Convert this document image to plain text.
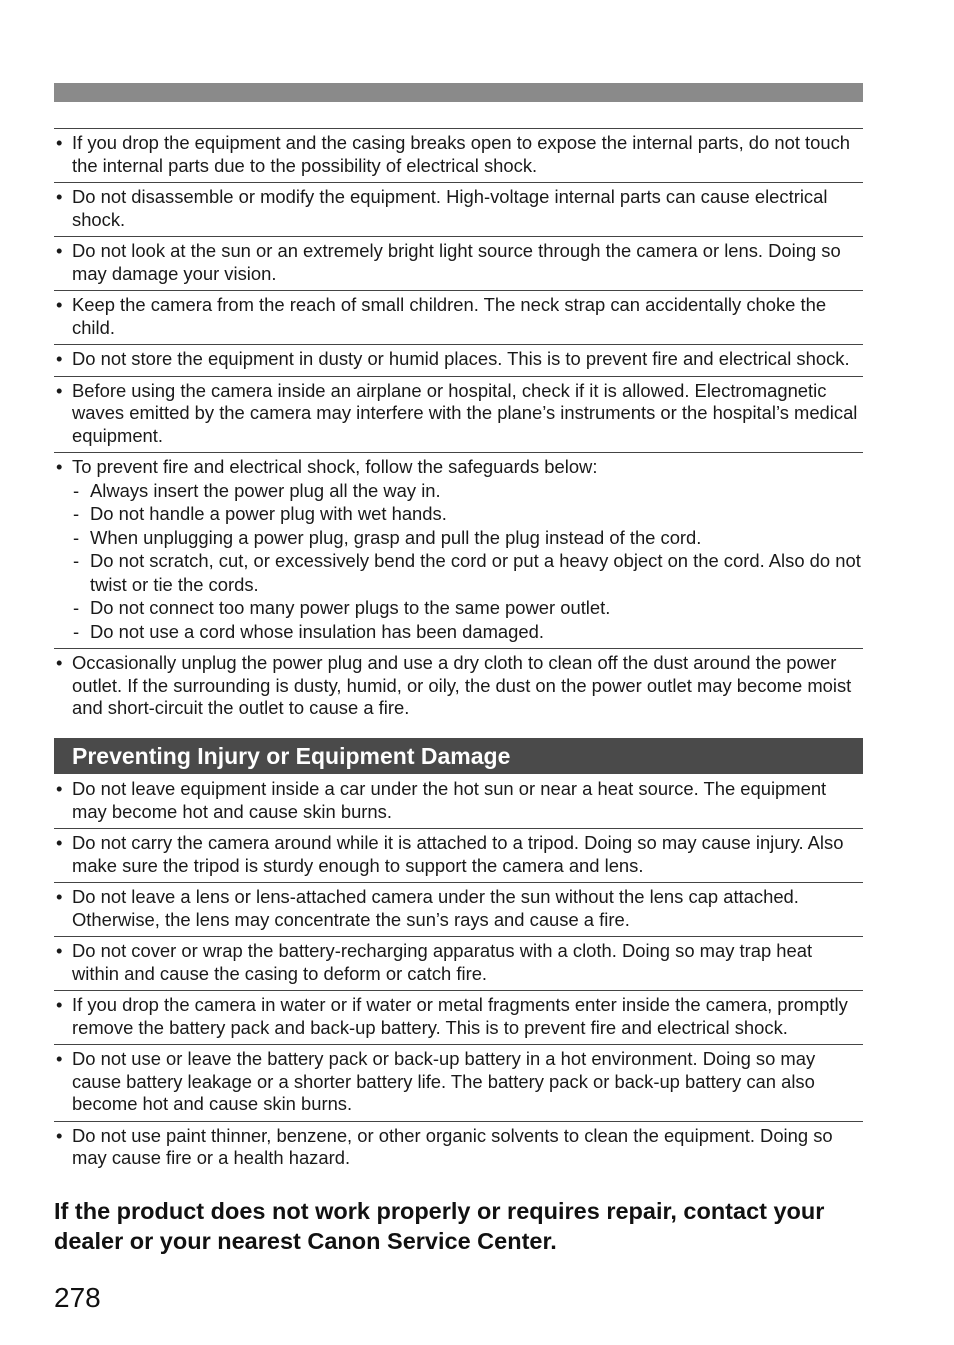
• If you drop the equipment and the casing breaks open to expose the internal parts, do not touch the internal parts due to the possibility of electrical shock.
• Do not disassemble or modify the equipment. High-voltage internal parts can cause electrical shock.
• Do not look at the sun or an extremely bright light source through the camera or lens. Doing so may damage your vision.
• Keep the camera from the reach of small children. The neck strap can accidentally choke the child.
• Do not store the equipment in dusty or humid places. This is to prevent fire and electrical shock.
• Before using the camera inside an airplane or hospital, check if it is allowed. Electromagnetic waves emitted by the camera may interfere with the plane’s instruments or the hospital’s medical equipment.
• To prevent fire and electrical shock, follow the safeguards below:
- Always insert the power plug all the way in.
- Do not handle a power plug with wet hands.
- When unplugging a power plug, grasp and pull the plug instead of the cord.
- Do not scratch, cut, or excessively bend the cord or put a heavy object on the cord. Also do not twist or tie the cords.
- Do not connect too many power plugs to the same power outlet.
- Do not use a cord whose insulation has been damaged.
• Occasionally unplug the power plug and use a dry cloth to clean off the dust around the power outlet. If the surrounding is dusty, humid, or oily, the dust on the power outlet may become moist and short-circuit the outlet to cause a fire.
Preventing Injury or Equipment Damage
• Do not leave equipment inside a car under the hot sun or near a heat source. The equipment may become hot and cause skin burns.
• Do not carry the camera around while it is attached to a tripod. Doing so may cause injury. Also make sure the tripod is sturdy enough to support the camera and lens.
• Do not leave a lens or lens-attached camera under the sun without the lens cap attached. Otherwise, the lens may concentrate the sun’s rays and cause a fire.
• Do not cover or wrap the battery-recharging apparatus with a cloth. Doing so may trap heat within and cause the casing to deform or catch fire.
• If you drop the camera in water or if water or metal fragments enter inside the camera, promptly remove the battery pack and back-up battery. This is to prevent fire and electrical shock.
• Do not use or leave the battery pack or back-up battery in a hot environment. Doing so may cause battery leakage or a shorter battery life. The battery pack or back-up battery can also become hot and cause skin burns.
• Do not use paint thinner, benzene, or other organic solvents to clean the equipment. Doing so may cause fire or a health hazard.
If the product does not work properly or requires repair, contact your dealer or your nearest Canon Service Center.
278
